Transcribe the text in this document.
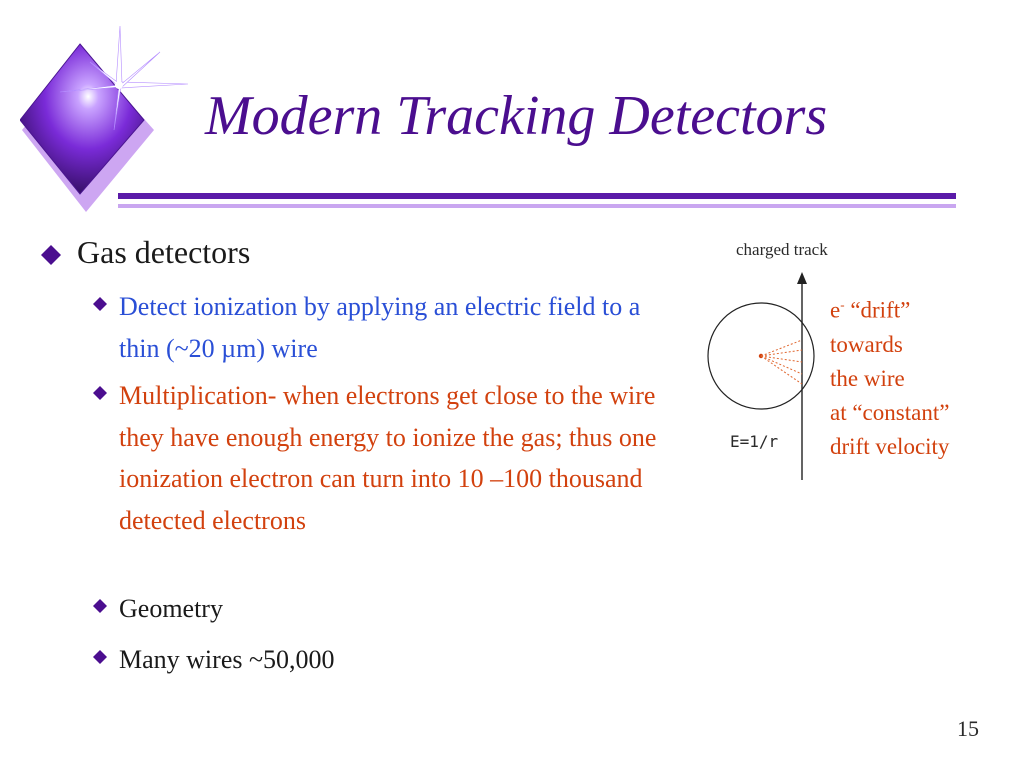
Modern Tracking Detectors
Gas detectors
Detect ionization by applying an electric field to a thin (~20 µm) wire
Multiplication- when electrons get close to the wire they have enough energy to ionize the gas; thus one ionization electron can turn into 10 –100 thousand detected electrons
Geometry
Many wires ~50,000
charged track
E=1/r
e- “drift”
towards
the wire
at “constant”
drift velocity
15
